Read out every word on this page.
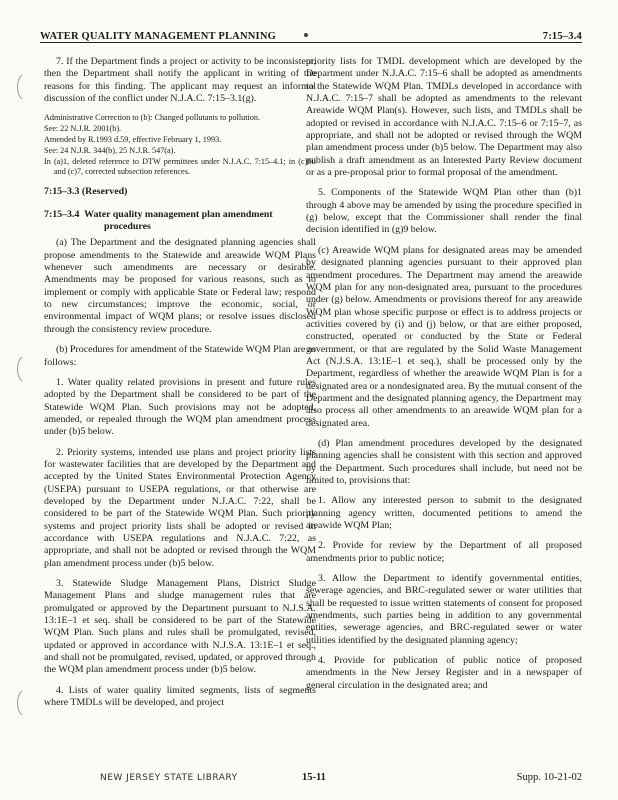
WATER QUALITY MANAGEMENT PLANNING	7:15–3.4

7. If the Department finds a project or activity to be inconsistent, then the Department shall notify the applicant in writing of the reasons for this finding. The applicant may request an informal discussion of the conflict under N.J.A.C. 7:15–3.1(g).

Administrative Correction to (b): Changed pollutants to pollution.

See: 22 N.J.R. 2001(b).

Amended by R.1993 d.59, effective February 1, 1993.

See: 24 N.J.R. 344(b), 25 N.J.R. 547(a).

In (a)1, deleted reference to DTW permittees under N.J.A.C. 7:15–4.1; in (c)6ii and (c)7, corrected subsection references.

7:15–3.3 (Reserved)
7:15–3.4 Water quality management plan amendment
procedures

(a) The Department and the designated planning agencies shall propose amendments to the Statewide and areawide WQM Plans whenever such amendments are necessary or desirable. Amendments may be proposed for various reasons, such as to implement or comply with applicable State or Federal law; respond to new circumstances; improve the economic, social, or environmental impact of WQM plans; or resolve issues disclosed through the consistency review procedure.

(b) Procedures for amendment of the Statewide WQM Plan are as follows:

1. Water quality related provisions in present and future rules adopted by the Department shall be considered to be part of the Statewide WQM Plan. Such provisions may not be adopted, amended, or repealed through the WQM plan amendment process under (b)5 below.

2. Priority systems, intended use plans and project priority lists for wastewater facilities that are developed by the Department and accepted by the United States Environmental Protection Agency (USEPA) pursuant to USEPA regulations, or that otherwise are developed by the Department under N.J.A.C. 7:22, shall be considered to be part of the Statewide WQM Plan. Such priority systems and project priority lists shall be adopted or revised in accordance with USEPA regulations and N.J.A.C. 7:22, as appropriate, and shall not be adopted or revised through the WQM plan amendment process under (b)5 below.

3. Statewide Sludge Management Plans, District Sludge Management Plans and sludge management rules that are promulgated or approved by the Department pursuant to N.J.S.A. 13:1E–1 et seq. shall be considered to be part of the Statewide WQM Plan. Such plans and rules shall be promulgated, revised, updated or approved in accordance with N.J.S.A. 13:1E–1 et seq., and shall not be promulgated, revised, updated, or approved through the WQM plan amendment process under (b)5 below.

4. Lists of water quality limited segments, lists of segments where TMDLs will be developed, and project

priority lists for TMDL development which are developed by the Department under N.J.A.C. 7:15–6 shall be adopted as amendments to the Statewide WQM Plan. TMDLs developed in accordance with N.J.A.C. 7:15–7 shall be adopted as amendments to the relevant Areawide WQM Plan(s). However, such lists, and TMDLs shall be adopted or revised in accordance with N.J.A.C. 7:15–6 or 7:15–7, as appropriate, and shall not be adopted or revised through the WQM plan amendment process under (b)5 below. The Department may also publish a draft amendment as an Interested Party Review document or as a pre-proposal prior to formal proposal of the amendment.

5. Components of the Statewide WQM Plan other than (b)1 through 4 above may be amended by using the procedure specified in (g) below, except that the Commissioner shall render the final decision identified in (g)9 below.

(c) Areawide WQM plans for designated areas may be amended by designated planning agencies pursuant to their approved plan amendment procedures. The Department may amend the areawide WQM plan for any non-designated area, pursuant to the procedures under (g) below. Amendments or provisions thereof for any areawide WQM plan whose specific purpose or effect is to address projects or activities covered by (i) and (j) below, or that are either proposed, constructed, operated or conducted by the State or Federal government, or that are regulated by the Solid Waste Management Act (N.J.S.A. 13:1E–1 et seq.), shall be processed only by the Department, regardless of whether the areawide WQM Plan is for a designated area or a nondesignated area. By the mutual consent of the Department and the designated planning agency, the Department may also process all other amendments to an areawide WQM plan for a designated area.

(d) Plan amendment procedures developed by the designated planning agencies shall be consistent with this section and approved by the Department. Such procedures shall include, but need not be limited to, provisions that:

1. Allow any interested person to submit to the designated planning agency written, documented petitions to amend the areawide WQM Plan;

2. Provide for review by the Department of all proposed amendments prior to public notice;

3. Allow the Department to identify governmental entities, sewerage agencies, and BRC-regulated sewer or water utilities that shall be requested to issue written statements of consent for proposed amendments, such parties being in addition to any governmental entities, sewerage agencies, and BRC-regulated sewer or water utilities identified by the designated planning agency;

4. Provide for publication of public notice of proposed amendments in the New Jersey Register and in a newspaper of general circulation in the designated area; and

NEW JERSEY STATE LIBRARY	15-11	Supp. 10-21-02
